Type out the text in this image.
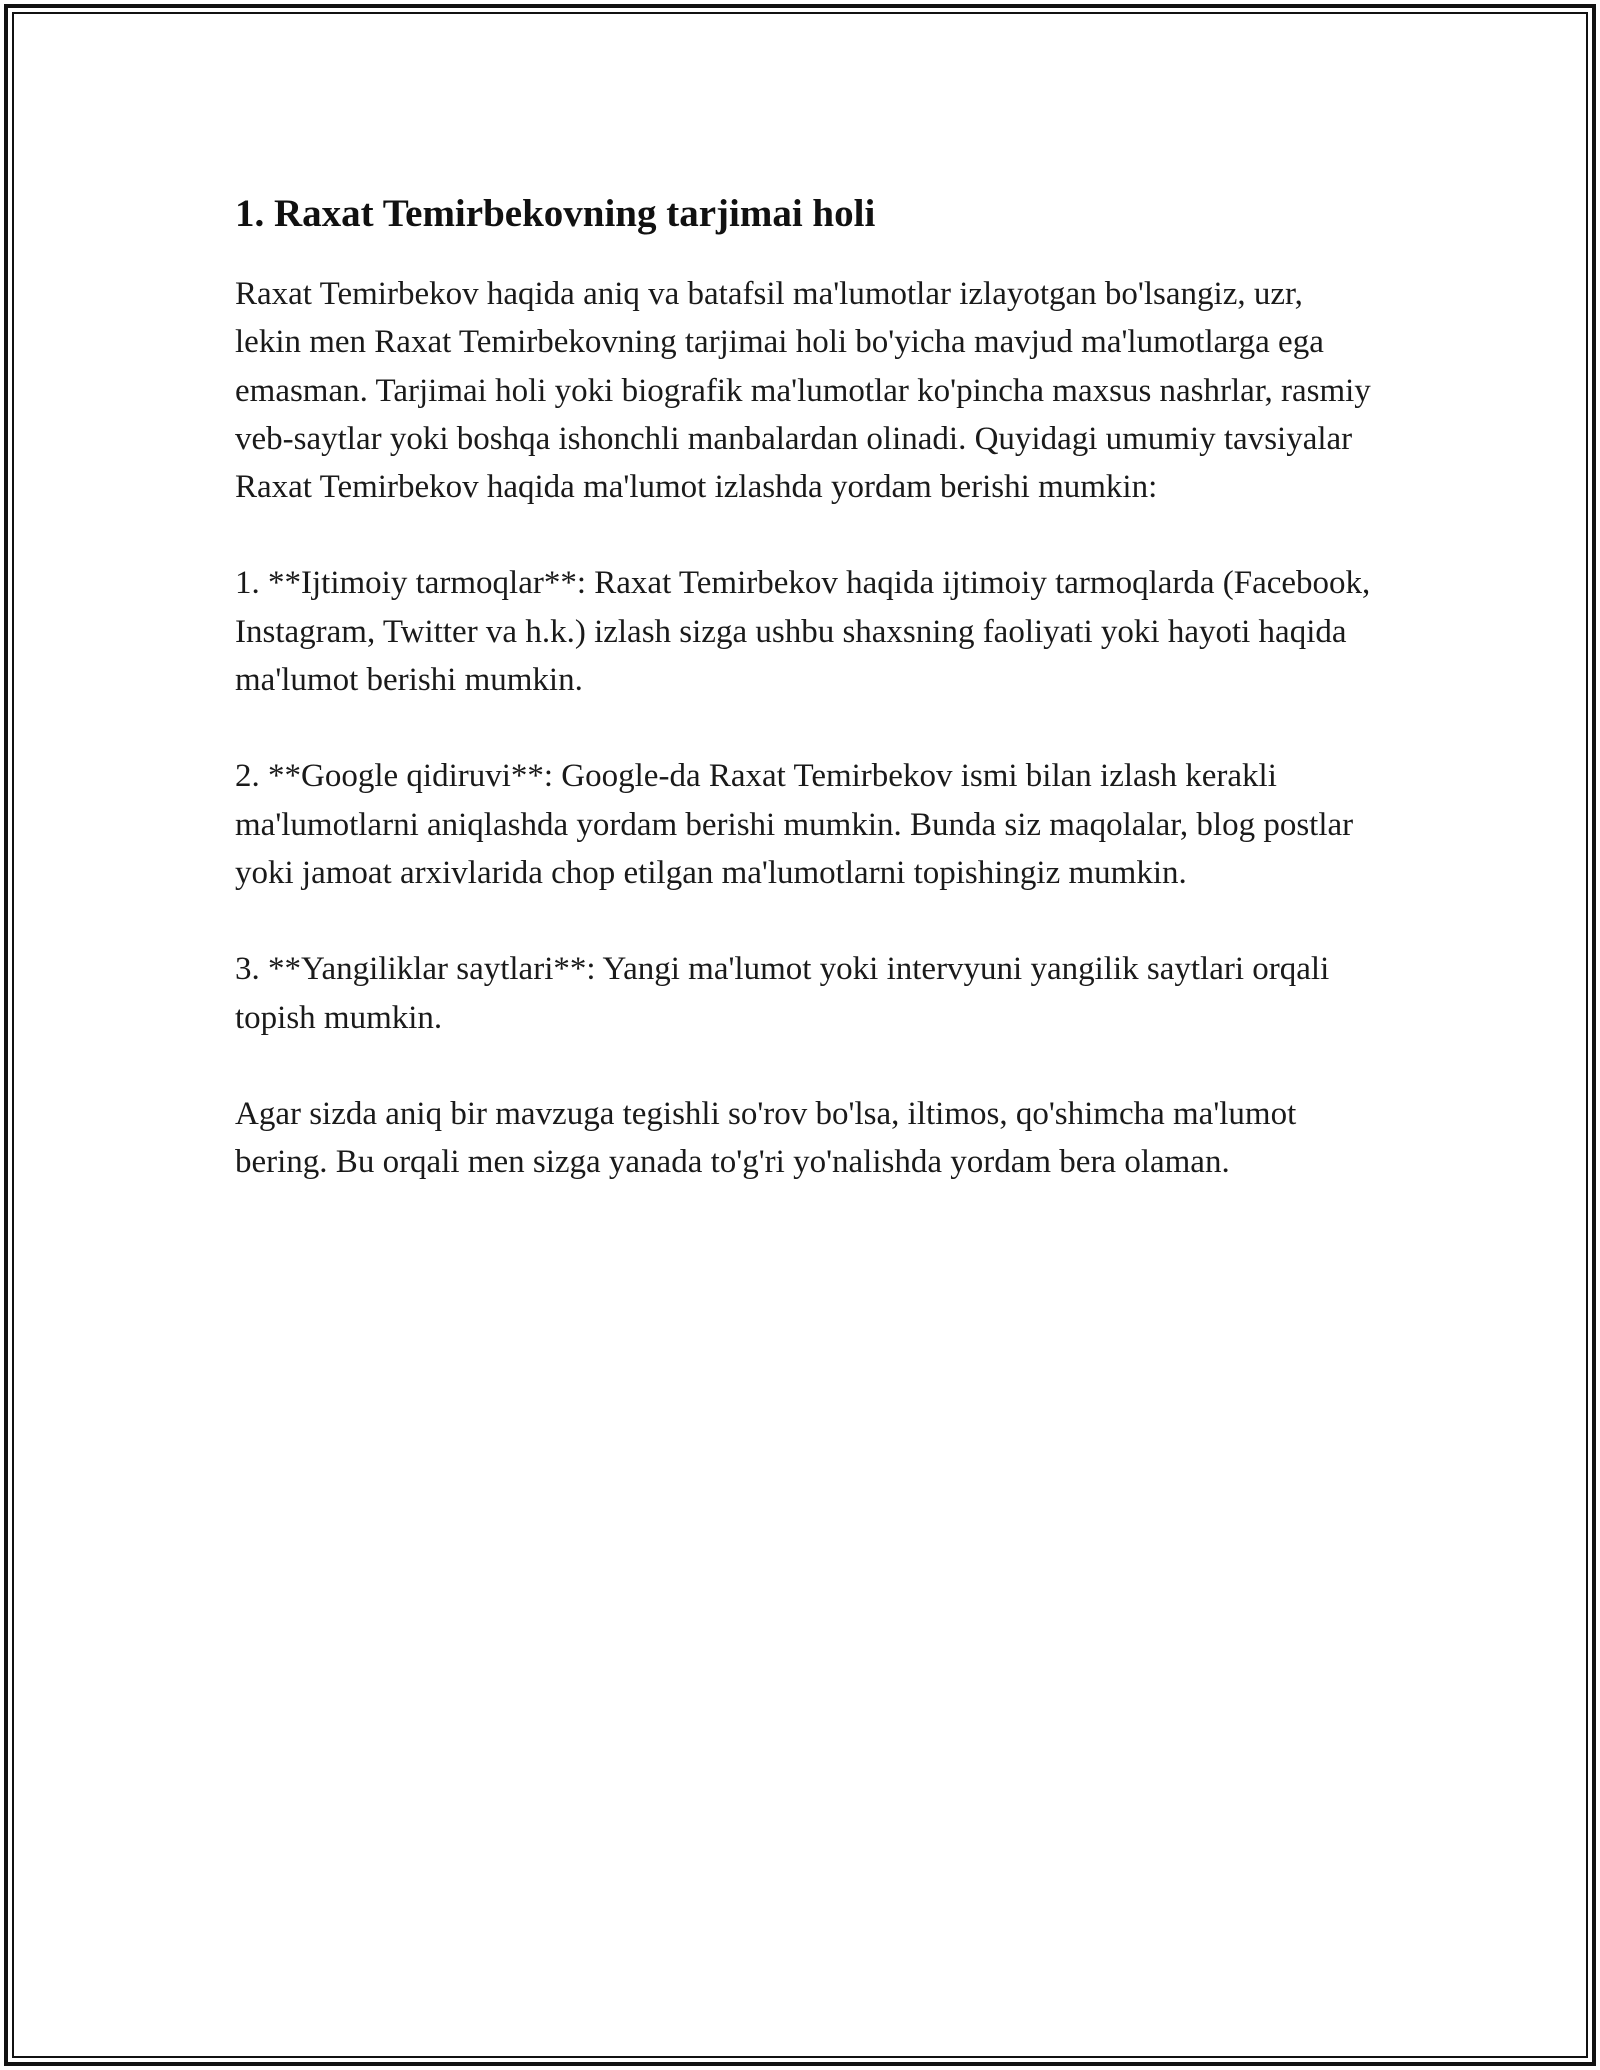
1. Raxat Temirbekovning tarjimai holi

Raxat Temirbekov haqida aniq va batafsil ma'lumotlar izlayotgan bo'lsangiz, uzr, lekin men Raxat Temirbekovning tarjimai holi bo'yicha mavjud ma'lumotlarga ega emasman. Tarjimai holi yoki biografik ma'lumotlar ko'pincha maxsus nashrlar, rasmiy veb-saytlar yoki boshqa ishonchli manbalardan olinadi. Quyidagi umumiy tavsiyalar Raxat Temirbekov haqida ma'lumot izlashda yordam berishi mumkin:

1. **Ijtimoiy tarmoqlar**: Raxat Temirbekov haqida ijtimoiy tarmoqlarda (Facebook, Instagram, Twitter va h.k.) izlash sizga ushbu shaxsning faoliyati yoki hayoti haqida ma'lumot berishi mumkin.

2. **Google qidiruvi**: Google-da Raxat Temirbekov ismi bilan izlash kerakli ma'lumotlarni aniqlashda yordam berishi mumkin. Bunda siz maqolalar, blog postlar yoki jamoat arxivlarida chop etilgan ma'lumotlarni topishingiz mumkin.

3. **Yangiliklar saytlari**: Yangi ma'lumot yoki intervyuni yangilik saytlari orqali topish mumkin.

Agar sizda aniq bir mavzuga tegishli so'rov bo'lsa, iltimos, qo'shimcha ma'lumot bering. Bu orqali men sizga yanada to'g'ri yo'nalishda yordam bera olaman.
